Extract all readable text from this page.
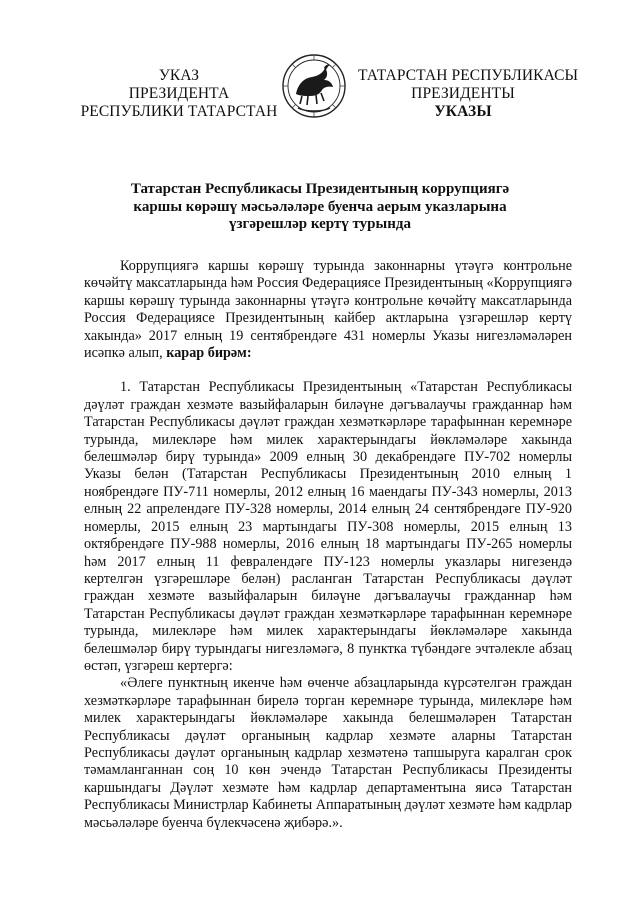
УКАЗ
ПРЕЗИДЕНТА
РЕСПУБЛИКИ ТАТАРСТАН
ТАТАРСТАН РЕСПУБЛИКАСЫ
ПРЕЗИДЕНТЫ
УКАЗЫ
Татарстан Республикасы Президентының коррупциягә каршы көрәшү мәсьәләләре буенча аерым указларына үзгәрешләр кертү турында

Коррупциягә каршы көрәшү турында законнарны үтәүгә контрольне көчәйтү максатларында һәм Россия Федерациясе Президентының «Коррупциягә каршы көрәшү турында законнарны үтәүгә контрольне көчәйтү максатларында Россия Федерациясе Президентының кайбер актларына үзгәрешләр кертү хакында» 2017 елның 19 сентябрендәге 431 номерлы Указы нигезләмәләрен исәпкә алып, карар бирәм:

1. Татарстан Республикасы Президентының «Татарстан Республикасы дәүләт граждан хезмәте вазыйфаларын биләүне дәгъвалаучы гражданнар һәм Татарстан Республикасы дәүләт граждан хезмәткәрләре тарафыннан керемнәре турында, милекләре һәм милек характерындагы йөкләмәләре хакында белешмәләр бирү турында» 2009 елның 30 декабрендәге ПУ-702 номерлы Указы белән (Татарстан Республикасы Президентының 2010 елның 1 ноябрендәге ПУ-711 номерлы, 2012 елның 16 маендагы ПУ-343 номерлы, 2013 елның 22 апрелендәге ПУ-328 номерлы, 2014 елның 24 сентябрендәге ПУ-920 номерлы, 2015 елның 23 мартындагы ПУ-308 номерлы, 2015 елның 13 октябрендәге ПУ-988 номерлы, 2016 елның 18 мартындагы ПУ-265 номерлы һәм 2017 елның 11 февралендәге ПУ-123 номерлы указлары нигезендә кертелгән үзгәрешләре белән) расланган Татарстан Республикасы дәүләт граждан хезмәте вазыйфаларын биләүне дәгъвалаучы гражданнар һәм Татарстан Республикасы дәүләт граждан хезмәткәрләре тарафыннан керемнәре турында, милекләре һәм милек характерындагы йөкләмәләре хакында белешмәләр бирү турындагы нигезләмәгә, 8 пунктка түбәндәге эчтәлекле абзац өстәп, үзгәреш кертергә:

«Әлеге пунктның икенче һәм өченче абзацларында күрсәтелгән граждан хезмәткәрләре тарафыннан бирелә торган керемнәре турында, милекләре һәм милек характерындагы йөкләмәләре хакында белешмәләрен Татарстан Республикасы дәүләт органының кадрлар хезмәте аларны Татарстан Республикасы дәүләт органының кадрлар хезмәтенә тапшыруга каралган срок тәмамланганнан соң 10 көн эчендә Татарстан Республикасы Президенты каршындагы Дәүләт хезмәте һәм кадрлар департаментына яисә Татарстан Республикасы Министрлар Кабинеты Аппаратының дәүләт хезмәте һәм кадрлар мәсьәләләре буенча бүлекчәсенә җибәрә.».
